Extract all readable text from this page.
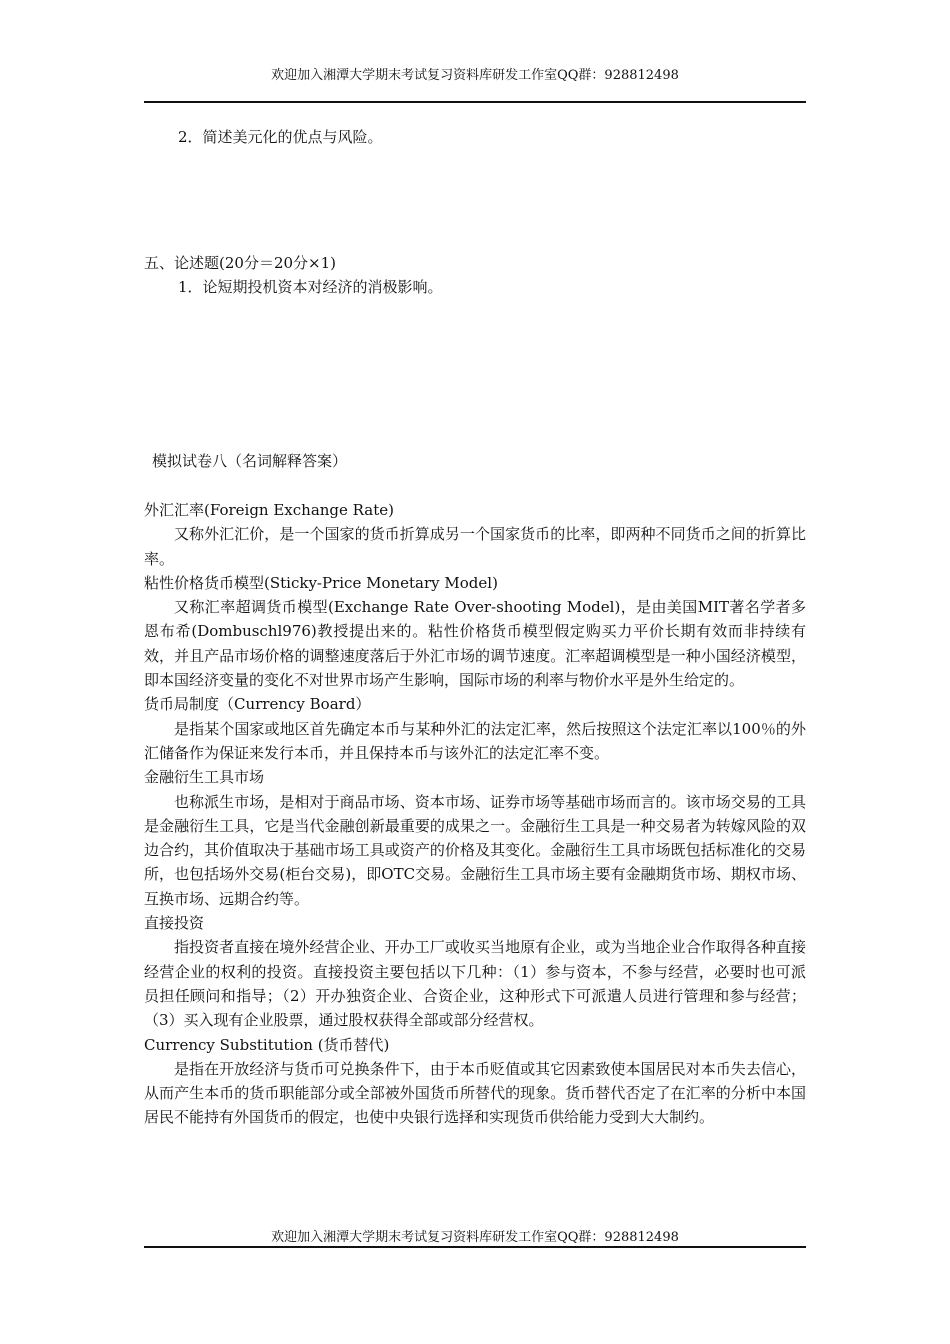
欢迎加入湘潭大学期末考试复习资料库研发工作室QQ群：928812498
2．简述美元化的优点与风险。
五、论述题(20分＝20分×1)
1．论短期投机资本对经济的消极影响。
模拟试卷八（名词解释答案）

外汇汇率(Foreign Exchange Rate)

又称外汇汇价，是一个国家的货币折算成另一个国家货币的比率，即两种不同货币之间的折算比率。

粘性价格货币模型(Sticky-Price Monetary Model)

又称汇率超调货币模型(Exchange Rate Over-shooting Model)，是由美国MIT著名学者多恩布希(Dombuschl976)教授提出来的。粘性价格货币模型假定购买力平价长期有效而非持续有效，并且产品市场价格的调整速度落后于外汇市场的调节速度。汇率超调模型是一种小国经济模型，即本国经济变量的变化不对世界市场产生影响，国际市场的利率与物价水平是外生给定的。

货币局制度（Currency Board）

是指某个国家或地区首先确定本币与某种外汇的法定汇率，然后按照这个法定汇率以100％的外汇储备作为保证来发行本币，并且保持本币与该外汇的法定汇率不变。

金融衍生工具市场

也称派生市场，是相对于商品市场、资本市场、证券市场等基础市场而言的。该市场交易的工具是金融衍生工具，它是当代金融创新最重要的成果之一。金融衍生工具是一种交易者为转嫁风险的双边合约，其价值取决于基础市场工具或资产的价格及其变化。金融衍生工具市场既包括标准化的交易所，也包括场外交易(柜台交易)，即OTC交易。金融衍生工具市场主要有金融期货市场、期权市场、互换市场、远期合约等。

直接投资

指投资者直接在境外经营企业、开办工厂或收买当地原有企业，或为当地企业合作取得各种直接经营企业的权利的投资。直接投资主要包括以下几种：（1）参与资本，不参与经营，必要时也可派员担任顾问和指导；（2）开办独资企业、合资企业，这种形式下可派遣人员进行管理和参与经营；（3）买入现有企业股票，通过股权获得全部或部分经营权。

Currency Substitution (货币替代)

是指在开放经济与货币可兑换条件下，由于本币贬值或其它因素致使本国居民对本币失去信心，从而产生本币的货币职能部分或全部被外国货币所替代的现象。货币替代否定了在汇率的分析中本国居民不能持有外国货币的假定，也使中央银行选择和实现货币供给能力受到大大制约。

欢迎加入湘潭大学期末考试复习资料库研发工作室QQ群：928812498
